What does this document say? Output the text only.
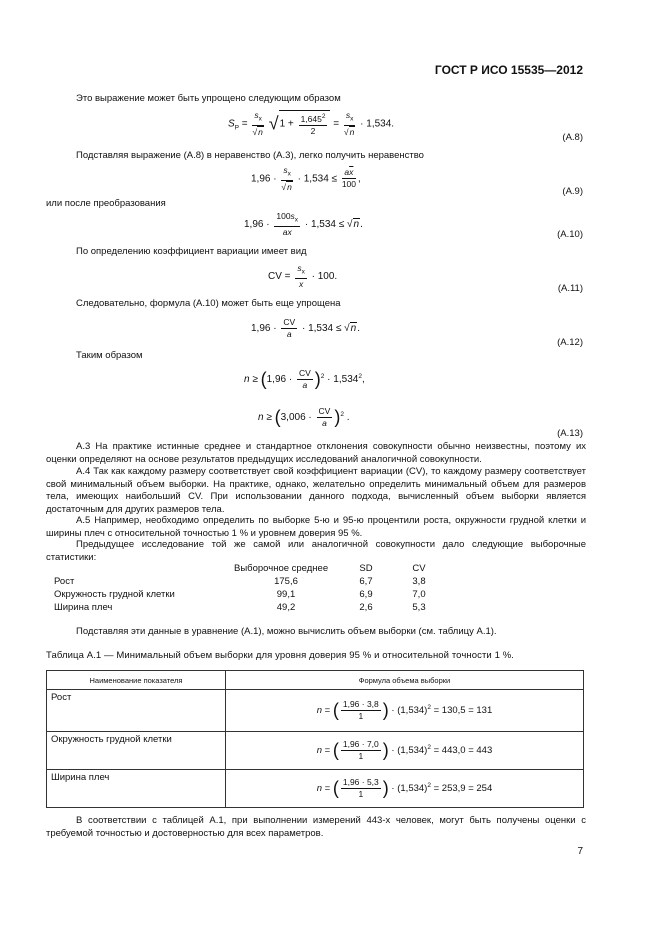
ГОСТ Р ИСО 15535—2012
Это выражение может быть упрощено следующим образом
$S_P = \frac{s_x}{√n} √1 + \frac{1,645^2}{2} = \frac{s_x}{√n} \cdot 1,534$.
(А.8)
Подставляя выражение (А.8) в неравенство (А.3), легко получить неравенство
$1,96 \cdot \frac{s_x}{√n} \cdot 1,534 \le \frac{a\overline{x}}{100}$ ,
(А.9)
или после преобразования
$1,96 \cdot \frac{100s_x}{a\overline{x}} \cdot 1,534 \le √n$.
(А.10)
По определению коэффициент вариации имеет вид
CV = $\frac{s_x}{x} \cdot 100$.
(А.11)
Следовательно, формула (А.10) может быть еще упрощена
$1,96 \cdot \frac{CV}{a} \cdot 1,534 \le √n$.
(А.12)
Таким образом
$n \ge (1,96 \cdot \frac{CV}{a} )^2 \cdot 1,534^2$,
$n \ge (3,006 \cdot \frac{CV}{a} )^2$ .
(А.13)
А.3 На практике истинные среднее и стандартное отклонения совокупности обычно неизвестны, поэтому их оценки определяют на основе результатов предыдущих исследований аналогичной совокупности.
А.4 Так как каждому размеру соответствует свой коэффициент вариации (CV), то каждому размеру соответствует свой минимальный объем выборки. На практике, однако, желательно определить минимальный объем для размеров тела, имеющих наибольший CV. При использовании данного подхода, вычисленный объем выборки является достаточным для других размеров тела.
А.5 Например, необходимо определить по выборке 5-ю и 95-ю процентили роста, окружности грудной клетки и ширины плеч с относительной точностью 1 % и уровнем доверия 95 %.
Предыдущее исследование той же самой или аналогичной совокупности дало следующие выборочные статистики:
	Выборочное среднее	SD	CV
Рост	175,6	6,7	3,8
Окружность грудной клетки	99,1	6,9	7,0
Ширина плеч	49,2	2,6	5,3
Подставляя эти данные в уравнение (А.1), можно вычислить объем выборки (см. таблицу А.1).
Таблица А.1 — Минимальный объем выборки для уровня доверия 95 % и относительной точности 1 %.
Наименование показателя	Формула объема выборки
Рост	n = ( $\frac{1,96 \cdot 3,8}{1}$ ) · $(1,534)^2 = 130,5 = 131$
Окружность грудной клетки	n = ( $\frac{1,96 \cdot 7,0}{1}$ ) · $(1,534)^2 = 443,0 = 443$
Ширина плеч	n = ( $\frac{1,96 \cdot 5,3}{1}$ ) · $(1,534)^2 = 253,9 = 254$
В соответствии с таблицей А.1, при выполнении измерений 443-х человек, могут быть получены оценки с требуемой точностью и достоверностью для всех параметров.
7
